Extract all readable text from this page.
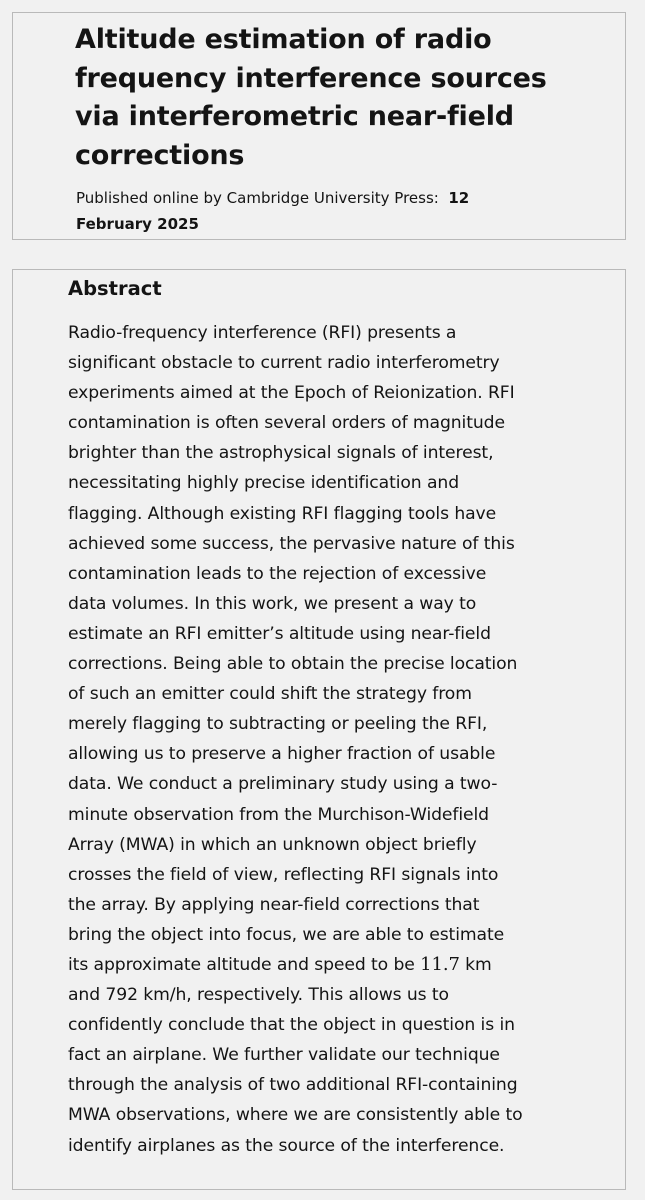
Altitude estimation of radio
frequency interference sources
via interferometric near-field
corrections

Published online by Cambridge University Press: 12
February 2025

Abstract

Radio-frequency interference (RFI) presents a
significant obstacle to current radio interferometry
experiments aimed at the Epoch of Reionization. RFI
contamination is often several orders of magnitude
brighter than the astrophysical signals of interest,
necessitating highly precise identification and
flagging. Although existing RFI flagging tools have
achieved some success, the pervasive nature of this
contamination leads to the rejection of excessive
data volumes. In this work, we present a way to
estimate an RFI emitter’s altitude using near-field
corrections. Being able to obtain the precise location
of such an emitter could shift the strategy from
merely flagging to subtracting or peeling the RFI,
allowing us to preserve a higher fraction of usable
data. We conduct a preliminary study using a two-
minute observation from the Murchison-Widefield
Array (MWA) in which an unknown object briefly
crosses the field of view, reflecting RFI signals into
the array. By applying near-field corrections that
bring the object into focus, we are able to estimate
its approximate altitude and speed to be 11.7 km
and 792 km/h, respectively. This allows us to
confidently conclude that the object in question is in
fact an airplane. We further validate our technique
through the analysis of two additional RFI-containing
MWA observations, where we are consistently able to
identify airplanes as the source of the interference.
